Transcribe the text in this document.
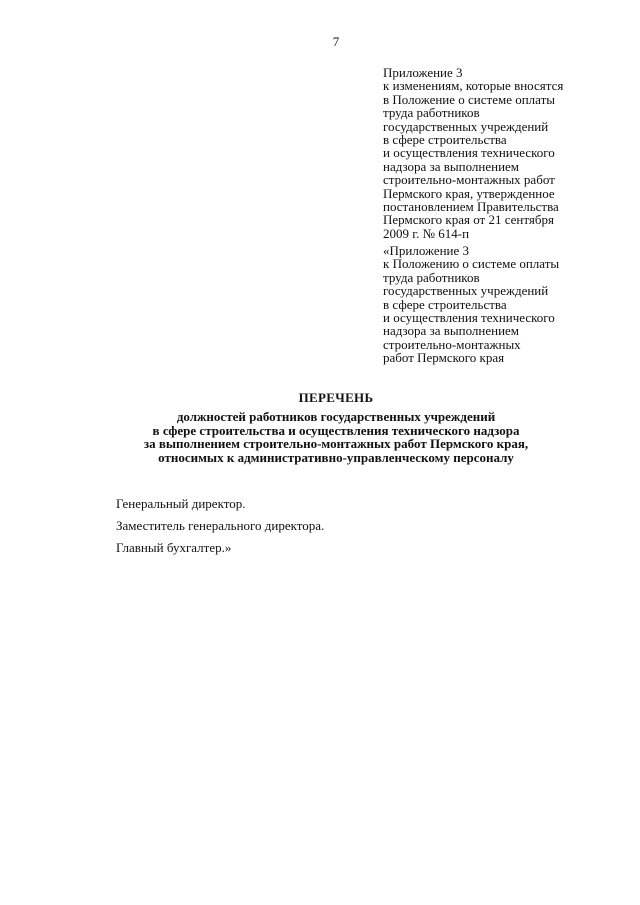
7
Приложение 3
к изменениям, которые вносятся
в Положение о системе оплаты
труда работников
государственных учреждений
в сфере строительства
и осуществления технического
надзора за выполнением
строительно-монтажных работ
Пермского края, утвержденное
постановлением Правительства
Пермского края от 21 сентября
2009 г. № 614-п
«Приложение 3
к Положению о системе оплаты
труда работников
государственных учреждений
в сфере строительства
и осуществления технического
надзора за выполнением
строительно-монтажных
работ Пермского края
ПЕРЕЧЕНЬ
должностей работников государственных учреждений
в сфере строительства и осуществления технического надзора
за выполнением строительно-монтажных работ Пермского края,
относимых к административно-управленческому персоналу
Генеральный директор.
Заместитель генерального директора.
Главный бухгалтер.»
